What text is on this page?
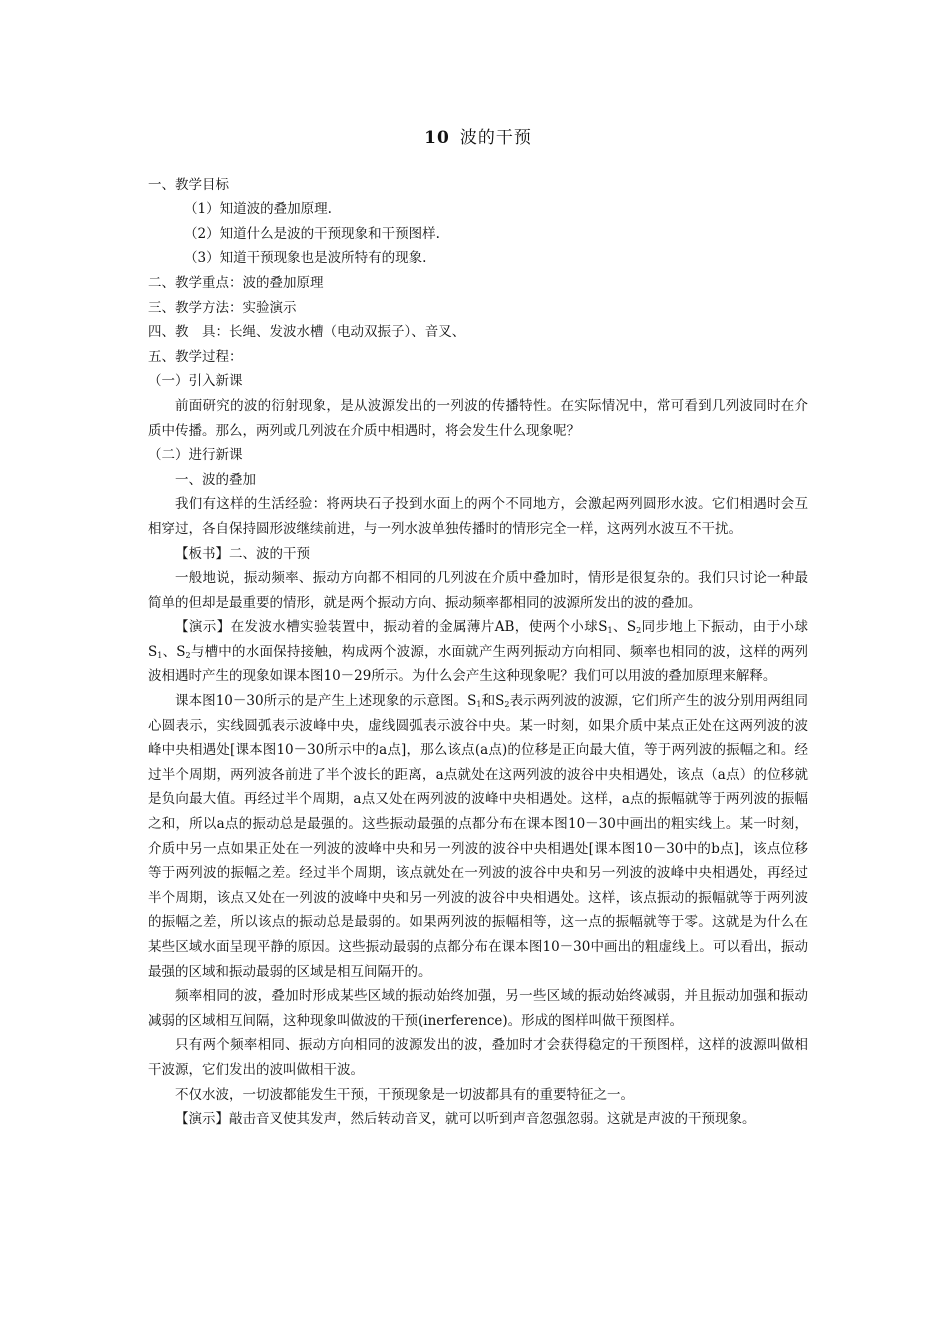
10 波的干预

一、教学目标

（1）知道波的叠加原理.

（2）知道什么是波的干预现象和干预图样.

（3）知道干预现象也是波所特有的现象.

二、教学重点：波的叠加原理

三、教学方法：实验演示

四、教　具：长绳、发波水槽（电动双振子）、音叉、

五、教学过程：

（一）引入新课

前面研究的波的衍射现象，是从波源发出的一列波的传播特性。在实际情况中，常可看到几列波同时在介质中传播。那么，两列或几列波在介质中相遇时，将会发生什么现象呢？

（二）进行新课

一、波的叠加

我们有这样的生活经验：将两块石子投到水面上的两个不同地方，会激起两列圆形水波。它们相遇时会互相穿过，各自保持圆形波继续前进，与一列水波单独传播时的情形完全一样，这两列水波互不干扰。

【板书】二、波的干预

一般地说，振动频率、振动方向都不相同的几列波在介质中叠加时，情形是很复杂的。我们只讨论一种最简单的但却是最重要的情形，就是两个振动方向、振动频率都相同的波源所发出的波的叠加。

【演示】在发波水槽实验装置中，振动着的金属薄片AB，使两个小球$S_1$、$S_2$同步地上下振动，由于小球$S_1$、$S_2$与槽中的水面保持接触，构成两个波源，水面就产生两列振动方向相同、频率也相同的波，这样的两列波相遇时产生的现象如课本图10－29所示。为什么会产生这种现象呢？我们可以用波的叠加原理来解释。

课本图10－30所示的是产生上述现象的示意图。$S_1$和$S_2$表示两列波的波源，它们所产生的波分别用两组同心圆表示，实线圆弧表示波峰中央，虚线圆弧表示波谷中央。某一时刻，如果介质中某点正处在这两列波的波峰中央相遇处[课本图10－30所示中的a点]，那么该点(a点)的位移是正向最大值，等于两列波的振幅之和。经过半个周期，两列波各前进了半个波长的距离，a点就处在这两列波的波谷中央相遇处，该点（a点）的位移就是负向最大值。再经过半个周期，a点又处在两列波的波峰中央相遇处。这样，a点的振幅就等于两列波的振幅之和，所以a点的振动总是最强的。这些振动最强的点都分布在课本图10－30中画出的粗实线上。某一时刻，介质中另一点如果正处在一列波的波峰中央和另一列波的波谷中央相遇处[课本图10－30中的b点]，该点位移等于两列波的振幅之差。经过半个周期，该点就处在一列波的波谷中央和另一列波的波峰中央相遇处，再经过半个周期，该点又处在一列波的波峰中央和另一列波的波谷中央相遇处。这样，该点振动的振幅就等于两列波的振幅之差，所以该点的振动总是最弱的。如果两列波的振幅相等，这一点的振幅就等于零。这就是为什么在某些区域水面呈现平静的原因。这些振动最弱的点都分布在课本图10－30中画出的粗虚线上。可以看出，振动最强的区域和振动最弱的区域是相互间隔开的。

频率相同的波，叠加时形成某些区域的振动始终加强，另一些区域的振动始终减弱，并且振动加强和振动减弱的区域相互间隔，这种现象叫做波的干预(inerference)。形成的图样叫做干预图样。

只有两个频率相同、振动方向相同的波源发出的波，叠加时才会获得稳定的干预图样，这样的波源叫做相干波源，它们发出的波叫做相干波。

不仅水波，一切波都能发生干预，干预现象是一切波都具有的重要特征之一。

【演示】敲击音叉使其发声，然后转动音叉，就可以听到声音忽强忽弱。这就是声波的干预现象。
